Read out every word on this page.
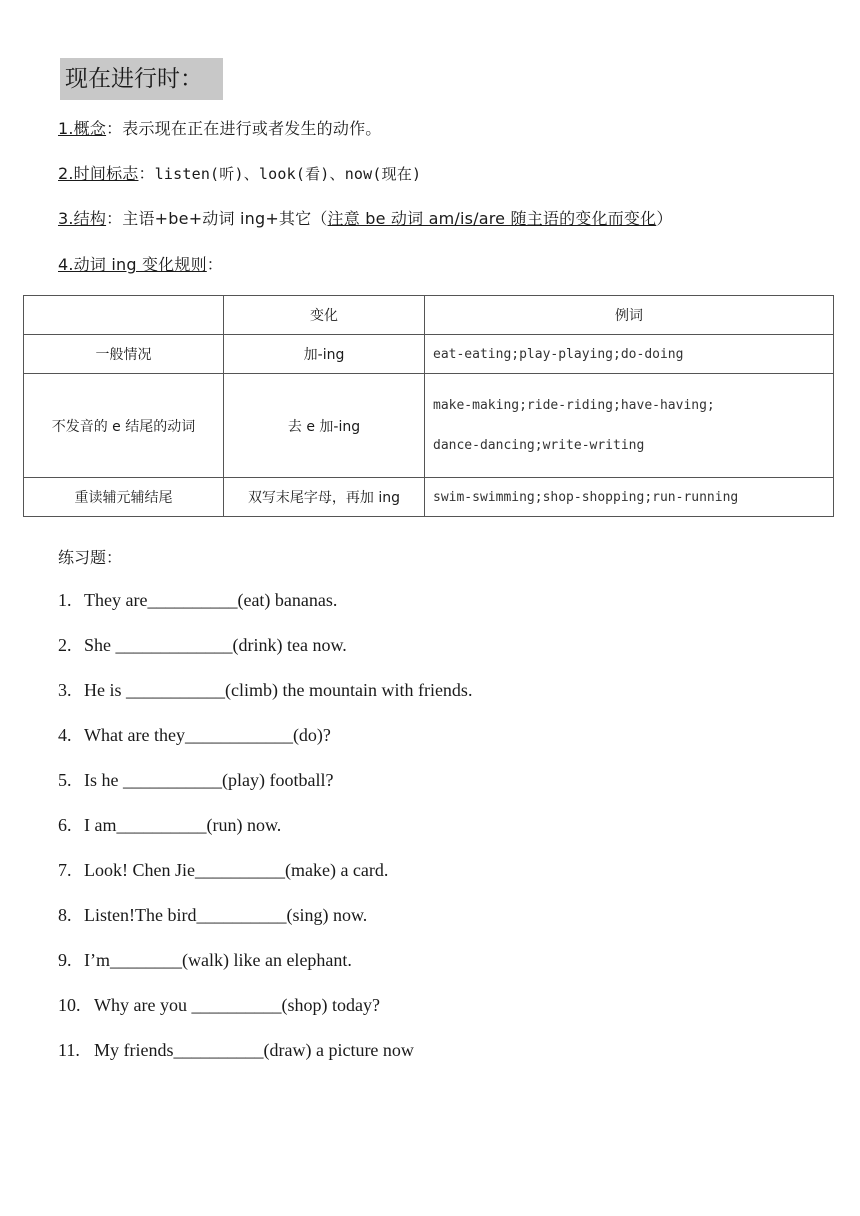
现在进行时：
1.概念：表示现在正在进行或者发生的动作。
2.时间标志：listen(听)、look(看)、now(现在)
3.结构：主语+be+动词 ing+其它（注意 be 动词 am/is/are 随主语的变化而变化）
4.动词 ing 变化规则：
	变化	例词
一般情况	加-ing	eat-eating;play-playing;do-doing
不发音的 e 结尾的动词	去 e 加-ing	make-making;ride-riding;have-having;
dance-dancing;write-writing

重读辅元辅结尾	双写末尾字母，再加 ing	swim-swimming;shop-shopping;run-running
练习题：
1. They are__________(eat) bananas.
2. She _____________(drink) tea now.
3. He is ___________(climb) the mountain with friends.
4. What are they____________(do)?
5. Is he ___________(play) football?
6. I am__________(run) now.
7. Look! Chen Jie__________(make) a card.
8. Listen!The bird__________(sing) now.
9. I’m________(walk) like an elephant.
10. Why are you __________(shop) today?
11. My friends__________(draw) a picture now
